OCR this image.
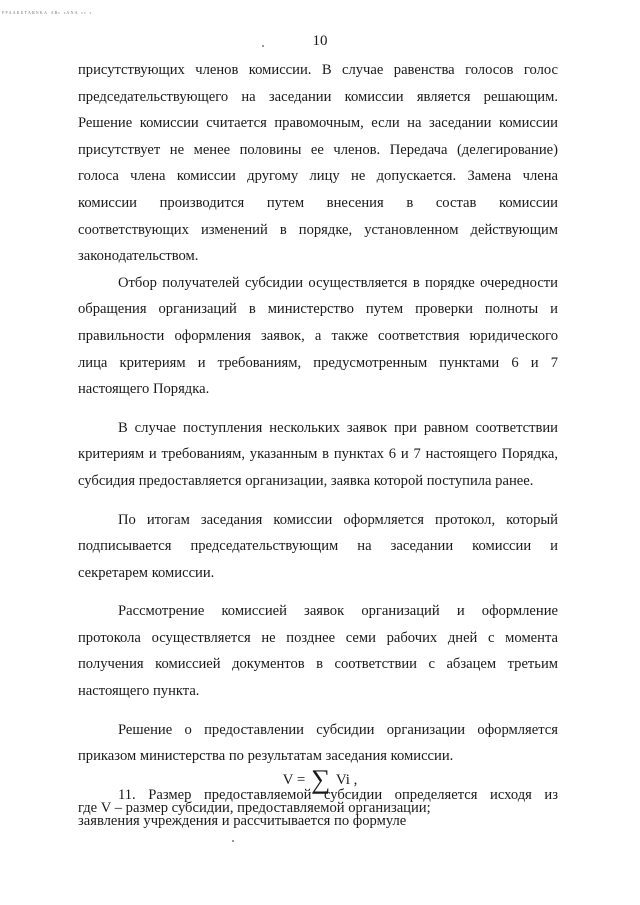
ᴾᴾᴬᴬᴷᴱᵀᴬᴮᴺᴷᴬ ᴬᴮᶜ ˢᴬᴺᴬ ᶜᶜ ˢ
10

присутствующих членов комиссии. В случае равенства голосов голос

председательствующего на заседании комиссии является решающим.

Решение комиссии считается правомочным, если на заседании комиссии

присутствует не менее половины ее членов. Передача (делегирование)

голоса члена комиссии другому лицу не допускается. Замена члена

комиссии производится путем внесения в состав комиссии

соответствующих изменений в порядке, установленном действующим

законодательством.

Отбор получателей субсидии осуществляется в порядке очередности

обращения организаций в министерство путем проверки полноты и

правильности оформления заявок, а также соответствия юридического

лица критериям и требованиям, предусмотренным пунктами 6 и 7

настоящего Порядка.

В случае поступления нескольких заявок при равном соответствии

критериям и требованиям, указанным в пунктах 6 и 7 настоящего Порядка,

субсидия предоставляется организации, заявка которой поступила ранее.

По итогам заседания комиссии оформляется протокол, который

подписывается председательствующим на заседании комиссии и

секретарем комиссии.

Рассмотрение комиссией заявок организаций и оформление

протокола осуществляется не позднее семи рабочих дней с момента

получения комиссией документов в соответствии с абзацем третьим

настоящего пункта.

Решение о предоставлении субсидии организации оформляется

приказом министерства по результатам заседания комиссии.

11. Размер предоставляемой субсидии определяется исходя из

заявления учреждения и рассчитывается по формуле

V = ∑ Vi ,
где V – размер субсидии, предоставляемой организации;
